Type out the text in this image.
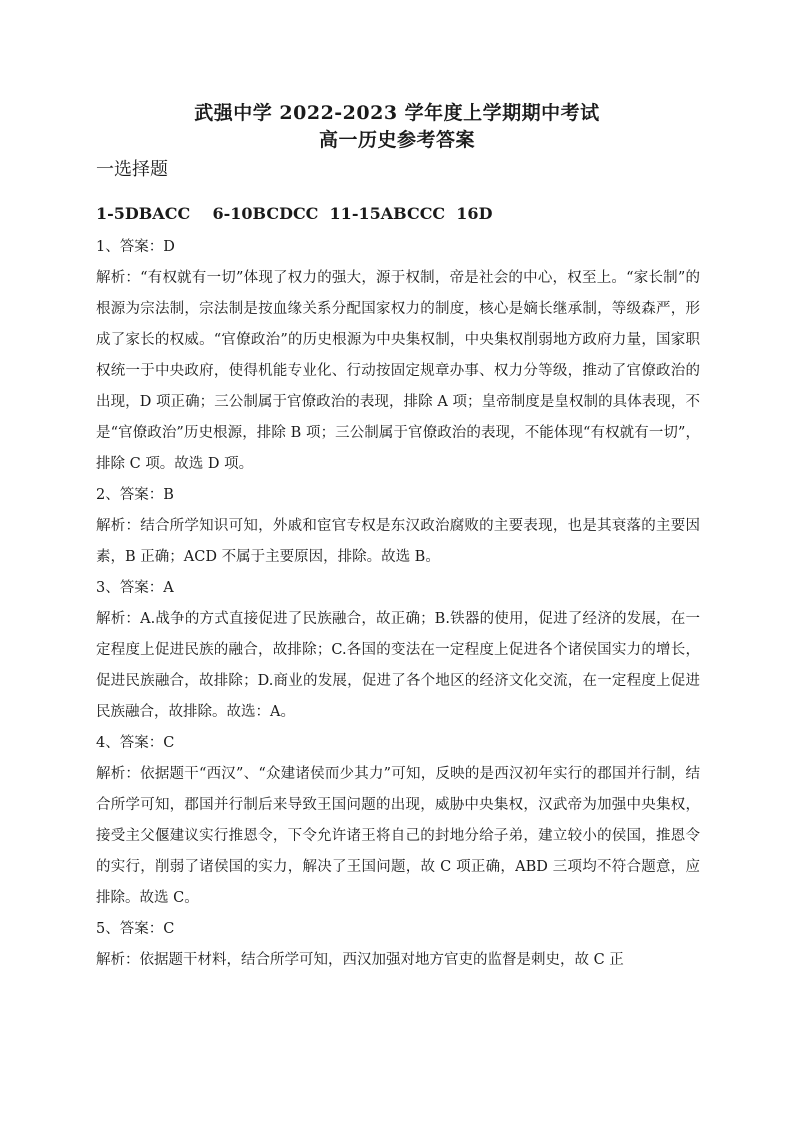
武强中学 2022-2023 学年度上学期期中考试
高一历史参考答案
一选择题
1-5DBACC    6-10BCDCC  11-15ABCCC  16D

1、答案：D

解析：“有权就有一切”体现了权力的强大，源于权制，帝是社会的中心，权至上。“家长制”的根源为宗法制，宗法制是按血缘关系分配国家权力的制度，核心是嫡长继承制，等级森严，形成了家长的权威。“官僚政治”的历史根源为中央集权制，中央集权削弱地方政府力量，国家职权统一于中央政府，使得机能专业化、行动按固定规章办事、权力分等级，推动了官僚政治的出现，D 项正确；三公制属于官僚政治的表现，排除 A 项；皇帝制度是皇权制的具体表现，不是“官僚政治”历史根源，排除 B 项；三公制属于官僚政治的表现，不能体现“有权就有一切”，排除 C 项。故选 D 项。

2、答案：B

解析：结合所学知识可知，外戚和宦官专权是东汉政治腐败的主要表现，也是其衰落的主要因素，B 正确；ACD 不属于主要原因，排除。故选 B。

3、答案：A

解析：A.战争的方式直接促进了民族融合，故正确；B.铁器的使用，促进了经济的发展，在一定程度上促进民族的融合，故排除；C.各国的变法在一定程度上促进各个诸侯国实力的增长，促进民族融合，故排除；D.商业的发展，促进了各个地区的经济文化交流，在一定程度上促进民族融合，故排除。故选：A。

4、答案：C

解析：依据题干“西汉”、“众建诸侯而少其力”可知，反映的是西汉初年实行的郡国并行制，结合所学可知，郡国并行制后来导致王国问题的出现，威胁中央集权，汉武帝为加强中央集权，接受主父偃建议实行推恩令，下令允许诸王将自己的封地分给子弟，建立较小的侯国，推恩令的实行，削弱了诸侯国的实力，解决了王国问题，故 C 项正确，ABD 三项均不符合题意，应排除。故选 C。

5、答案：C

解析：依据题干材料，结合所学可知，西汉加强对地方官吏的监督是刺史，故 C 正
